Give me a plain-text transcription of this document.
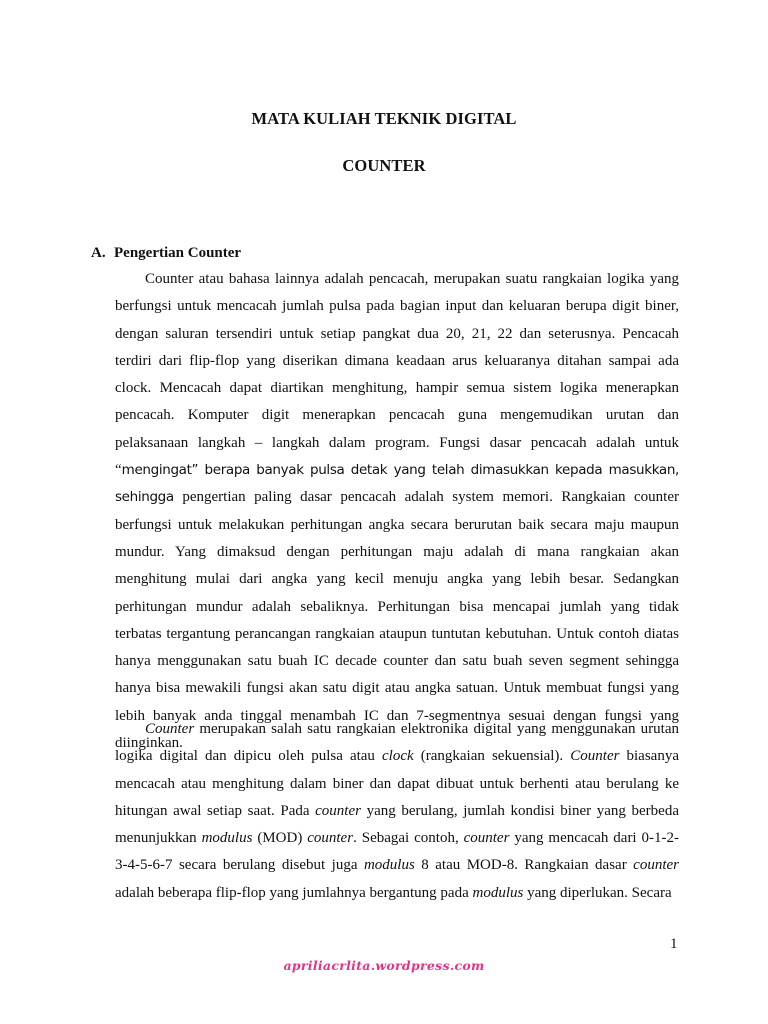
MATA KULIAH TEKNIK DIGITAL
COUNTER
A. Pengertian Counter

Counter atau bahasa lainnya adalah pencacah, merupakan suatu rangkaian logika yang berfungsi untuk mencacah jumlah pulsa pada bagian input dan keluaran berupa digit biner, dengan saluran tersendiri untuk setiap pangkat dua 20, 21, 22 dan seterusnya. Pencacah terdiri dari flip-flop yang diserikan dimana keadaan arus keluaranya ditahan sampai ada clock. Mencacah dapat diartikan menghitung, hampir semua sistem logika menerapkan pencacah. Komputer digit menerapkan pencacah guna mengemudikan urutan dan pelaksanaan langkah – langkah dalam program. Fungsi dasar pencacah adalah untuk “mengingat” berapa banyak pulsa detak yang telah dimasukkan kepada masukkan, sehingga pengertian paling dasar pencacah adalah system memori. Rangkaian counter berfungsi untuk melakukan perhitungan angka secara berurutan baik secara maju maupun mundur. Yang dimaksud dengan perhitungan maju adalah di mana rangkaian akan menghitung mulai dari angka yang kecil menuju angka yang lebih besar. Sedangkan perhitungan mundur adalah sebaliknya. Perhitungan bisa mencapai jumlah yang tidak terbatas tergantung perancangan rangkaian ataupun tuntutan kebutuhan. Untuk contoh diatas hanya menggunakan satu buah IC decade counter dan satu buah seven segment sehingga hanya bisa mewakili fungsi akan satu digit atau angka satuan. Untuk membuat fungsi yang lebih banyak anda tinggal menambah IC dan 7-segmentnya sesuai dengan fungsi yang diinginkan.

Counter merupakan salah satu rangkaian elektronika digital yang menggunakan urutan logika digital dan dipicu oleh pulsa atau clock (rangkaian sekuensial). Counter biasanya mencacah atau menghitung dalam biner dan dapat dibuat untuk berhenti atau berulang ke hitungan awal setiap saat. Pada counter yang berulang, jumlah kondisi biner yang berbeda menunjukkan modulus (MOD) counter. Sebagai contoh, counter yang mencacah dari 0-1-2-3-4-5-6-7 secara berulang disebut juga modulus 8 atau MOD-8. Rangkaian dasar counter adalah beberapa flip-flop yang jumlahnya bergantung pada modulus yang diperlukan. Secara

1
apriliacrlita.wordpress.com
